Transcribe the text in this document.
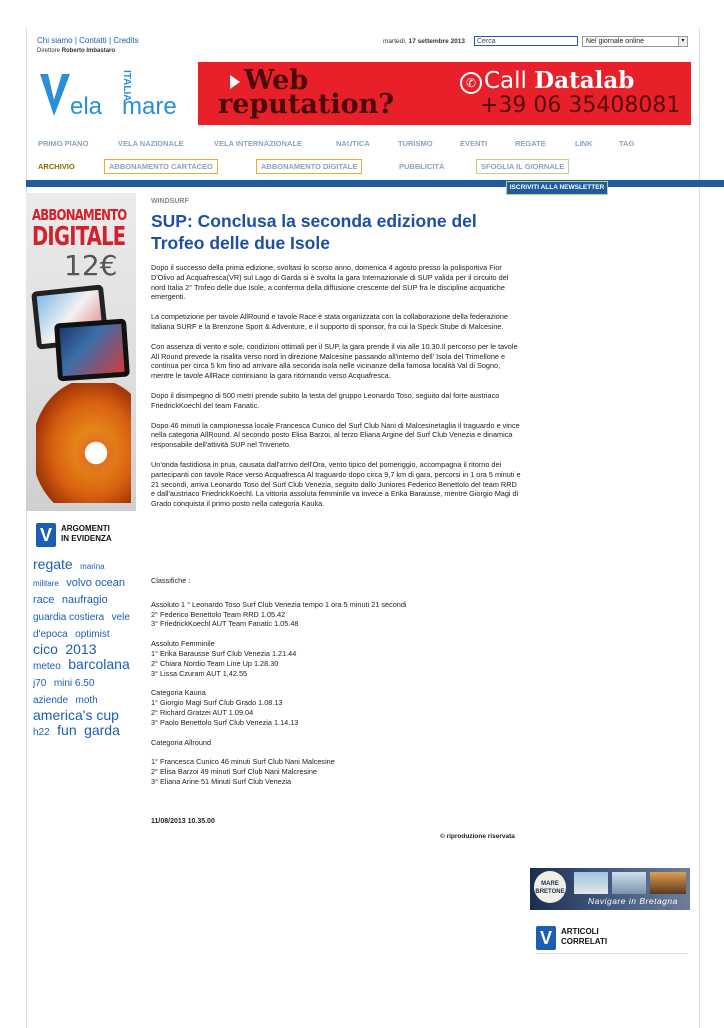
Chi siamo | Contatti | Credits
Direttore Roberto Imbastaro
martedì, 17 settembre 2013	Cerca	Nel giornale online	▾
ela mare
ITALIA	Web
reputation?
✆ Call Datalab
+39 06 35408081
PRIMO PIANO	VELA NAZIONALE	VELA INTERNAZIONALE	NAUTICA	TURISMO	EVENTI	REGATE	LINK	TAG
ARCHIVIO	ABBONAMENTO CARTACEO	ABBONAMENTO DIGITALE	PUBBLICITÀ	SFOGLIA IL GIORNALE
ISCRIVITI ALLA NEWSLETTER
ABBONAMENTO
DIGITALE
12€
V	ARGOMENTI
IN EVIDENZA
regate marina militare volvo ocean race naufragio guardia costiera vele d'epoca optimist cico 2013 meteo barcolana j70 mini 6.50 aziende moth america's cup h22 fun garda
WINDSURF
SUP: Conclusa la seconda edizione del Trofeo delle due Isole

Dopo il successo della prima edizione, svoltasi lo scorso anno, domenica 4 agosto presso la polisportiva Fior D'Olivo ad Acquafresca(VR) sul Lago di Garda si è svolta la gara Internazionale di SUP valida per il circuito del nord Italia 2° Trofeo delle due Isole, a conferma della diffusione crescente del SUP fra le discipline acquatiche emergenti.

La competizione per tavole AllRound e tavole Race è stata organizzata con la collaborazione della federazione Italiana SURF e la Brenzone Sport & Adventure, e il supporto di sponsor, fra cui la Speck Stube di Malcesine.

Con assenza di vento e sole, condizioni ottimali per il SUP, la gara prende il via alle 10.30.Il percorso per le tavole All Round prevede la risalita verso nord in direzione Malcesine passando all'interno dell' Isola del Trimellone e continua per circa 5 km fino ad arrivare alla seconda isola nelle vicinanze della famosa località Val di Sogno, mentre le tavole AllRace continuano la gara ritornando verso Acquafresca.

Dopo il disimpegno di 500 metri prende subito la testa del gruppo Leonardo Toso, seguito dal forte austriaco FriedrickKoechl del team Fanatic.

Dopo 46 minuti la campionessa locale Francesca Cunico del Surf Club Nani di Malcesinetaglia il traguardo e vince nella categoria AllRound. Al secondo posto Elisa Barzoi, al terzo Eliana Argine del Surf Club Venezia e dinamica responsabile dell'attività SUP nel Triveneto.

Un'onda fastidiosa in prua, causata dall'arrivo dell'Ora, vento tipico del pomeriggio, accompagna il ritorno dei partecipanti con tavole Race verso Acquafresca Al traguardo dopo circa 9,7 km di gara, percorsi in 1 ora 5 minuti e 21 secondi, arriva Leonardo Toso del Surf Club Venezia, seguito dallo Juniores Federico Benettolo del team RRD e dall'austriaco FriedrickKoechl. La vittoria assoluta femminile va invece a Erika Barausse, mentre Giorgio Magi di Grado conquista il primo posto nella categoria Kauka.

Classifiche :

Assoluto 1 ° Leonardo Toso Surf Club Venezia tempo 1 ora 5 minuti 21 secondi
2° Federico Benettolo Team RRD 1.05.42
3° FriedrickKoechl AUT Team Fanatic 1.05.48

Assoluto Femminile
1° Erika Barausse Surf Club Venezia 1.21.44
2° Chiara Nordio Team Line Up 1.28.30
3° Lissa Czuram AUT 1,42.55

Categoria Kauna
1° Giorgio Magi Surf Club Grado 1.08.13
2° Richard Gratzei AUT 1.09.04
3° Paolo Benettolo Surf Club Venezia 1.14.13

Categoria Allround

1° Francesca Cunico 46 minuti Surf Club Nani Malcesine
2° Elisa Barzoi 49 minuti Surf Club Nani Malcresine
3° Eliana Arine 51 Minuti Surf Club Venezia

11/08/2013 10.35.00
© riproduzione riservata
MARE
BRETONE
Navigare in Bretagna
V	ARTICOLI
CORRELATI
